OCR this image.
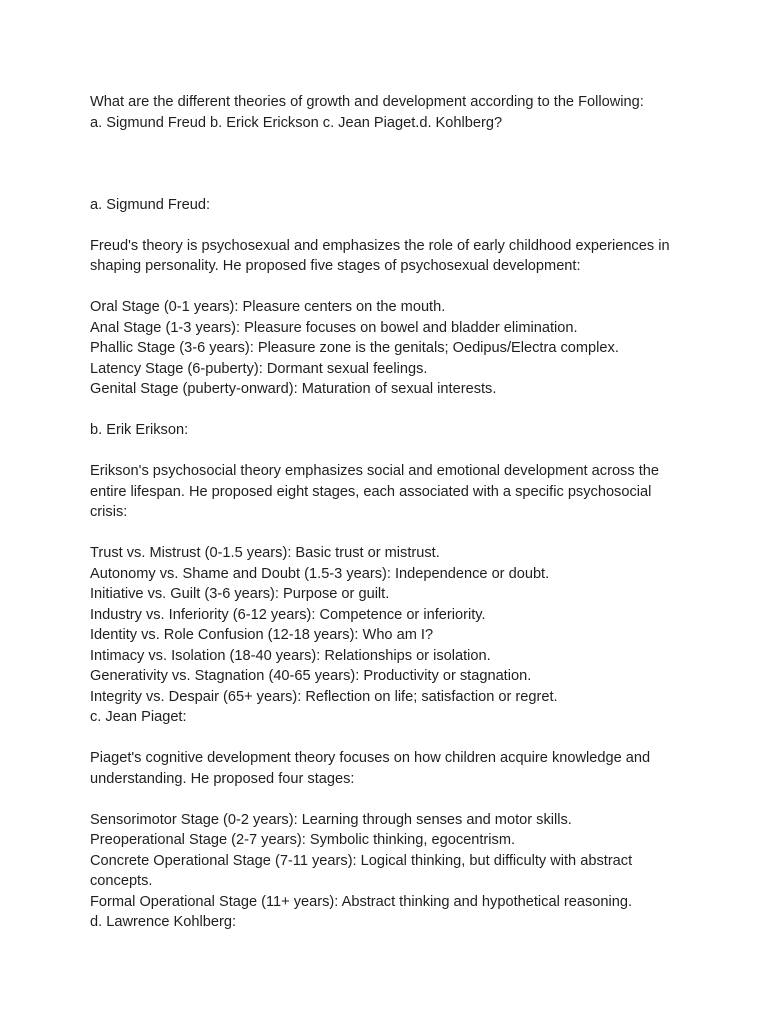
What are the different theories of growth and development according to the Following:

a. Sigmund Freud b. Erick Erickson c. Jean Piaget.d. Kohlberg?

a. Sigmund Freud:

Freud's theory is psychosexual and emphasizes the role of early childhood experiences in shaping personality. He proposed five stages of psychosexual development:

Oral Stage (0-1 years): Pleasure centers on the mouth.

Anal Stage (1-3 years): Pleasure focuses on bowel and bladder elimination.

Phallic Stage (3-6 years): Pleasure zone is the genitals; Oedipus/Electra complex.

Latency Stage (6-puberty): Dormant sexual feelings.

Genital Stage (puberty-onward): Maturation of sexual interests.

b. Erik Erikson:

Erikson's psychosocial theory emphasizes social and emotional development across the entire lifespan. He proposed eight stages, each associated with a specific psychosocial crisis:

Trust vs. Mistrust (0-1.5 years): Basic trust or mistrust.

Autonomy vs. Shame and Doubt (1.5-3 years): Independence or doubt.

Initiative vs. Guilt (3-6 years): Purpose or guilt.

Industry vs. Inferiority (6-12 years): Competence or inferiority.

Identity vs. Role Confusion (12-18 years): Who am I?

Intimacy vs. Isolation (18-40 years): Relationships or isolation.

Generativity vs. Stagnation (40-65 years): Productivity or stagnation.

Integrity vs. Despair (65+ years): Reflection on life; satisfaction or regret.

c. Jean Piaget:

Piaget's cognitive development theory focuses on how children acquire knowledge and understanding. He proposed four stages:

Sensorimotor Stage (0-2 years): Learning through senses and motor skills.

Preoperational Stage (2-7 years): Symbolic thinking, egocentrism.

Concrete Operational Stage (7-11 years): Logical thinking, but difficulty with abstract concepts.

Formal Operational Stage (11+ years): Abstract thinking and hypothetical reasoning.

d. Lawrence Kohlberg:
